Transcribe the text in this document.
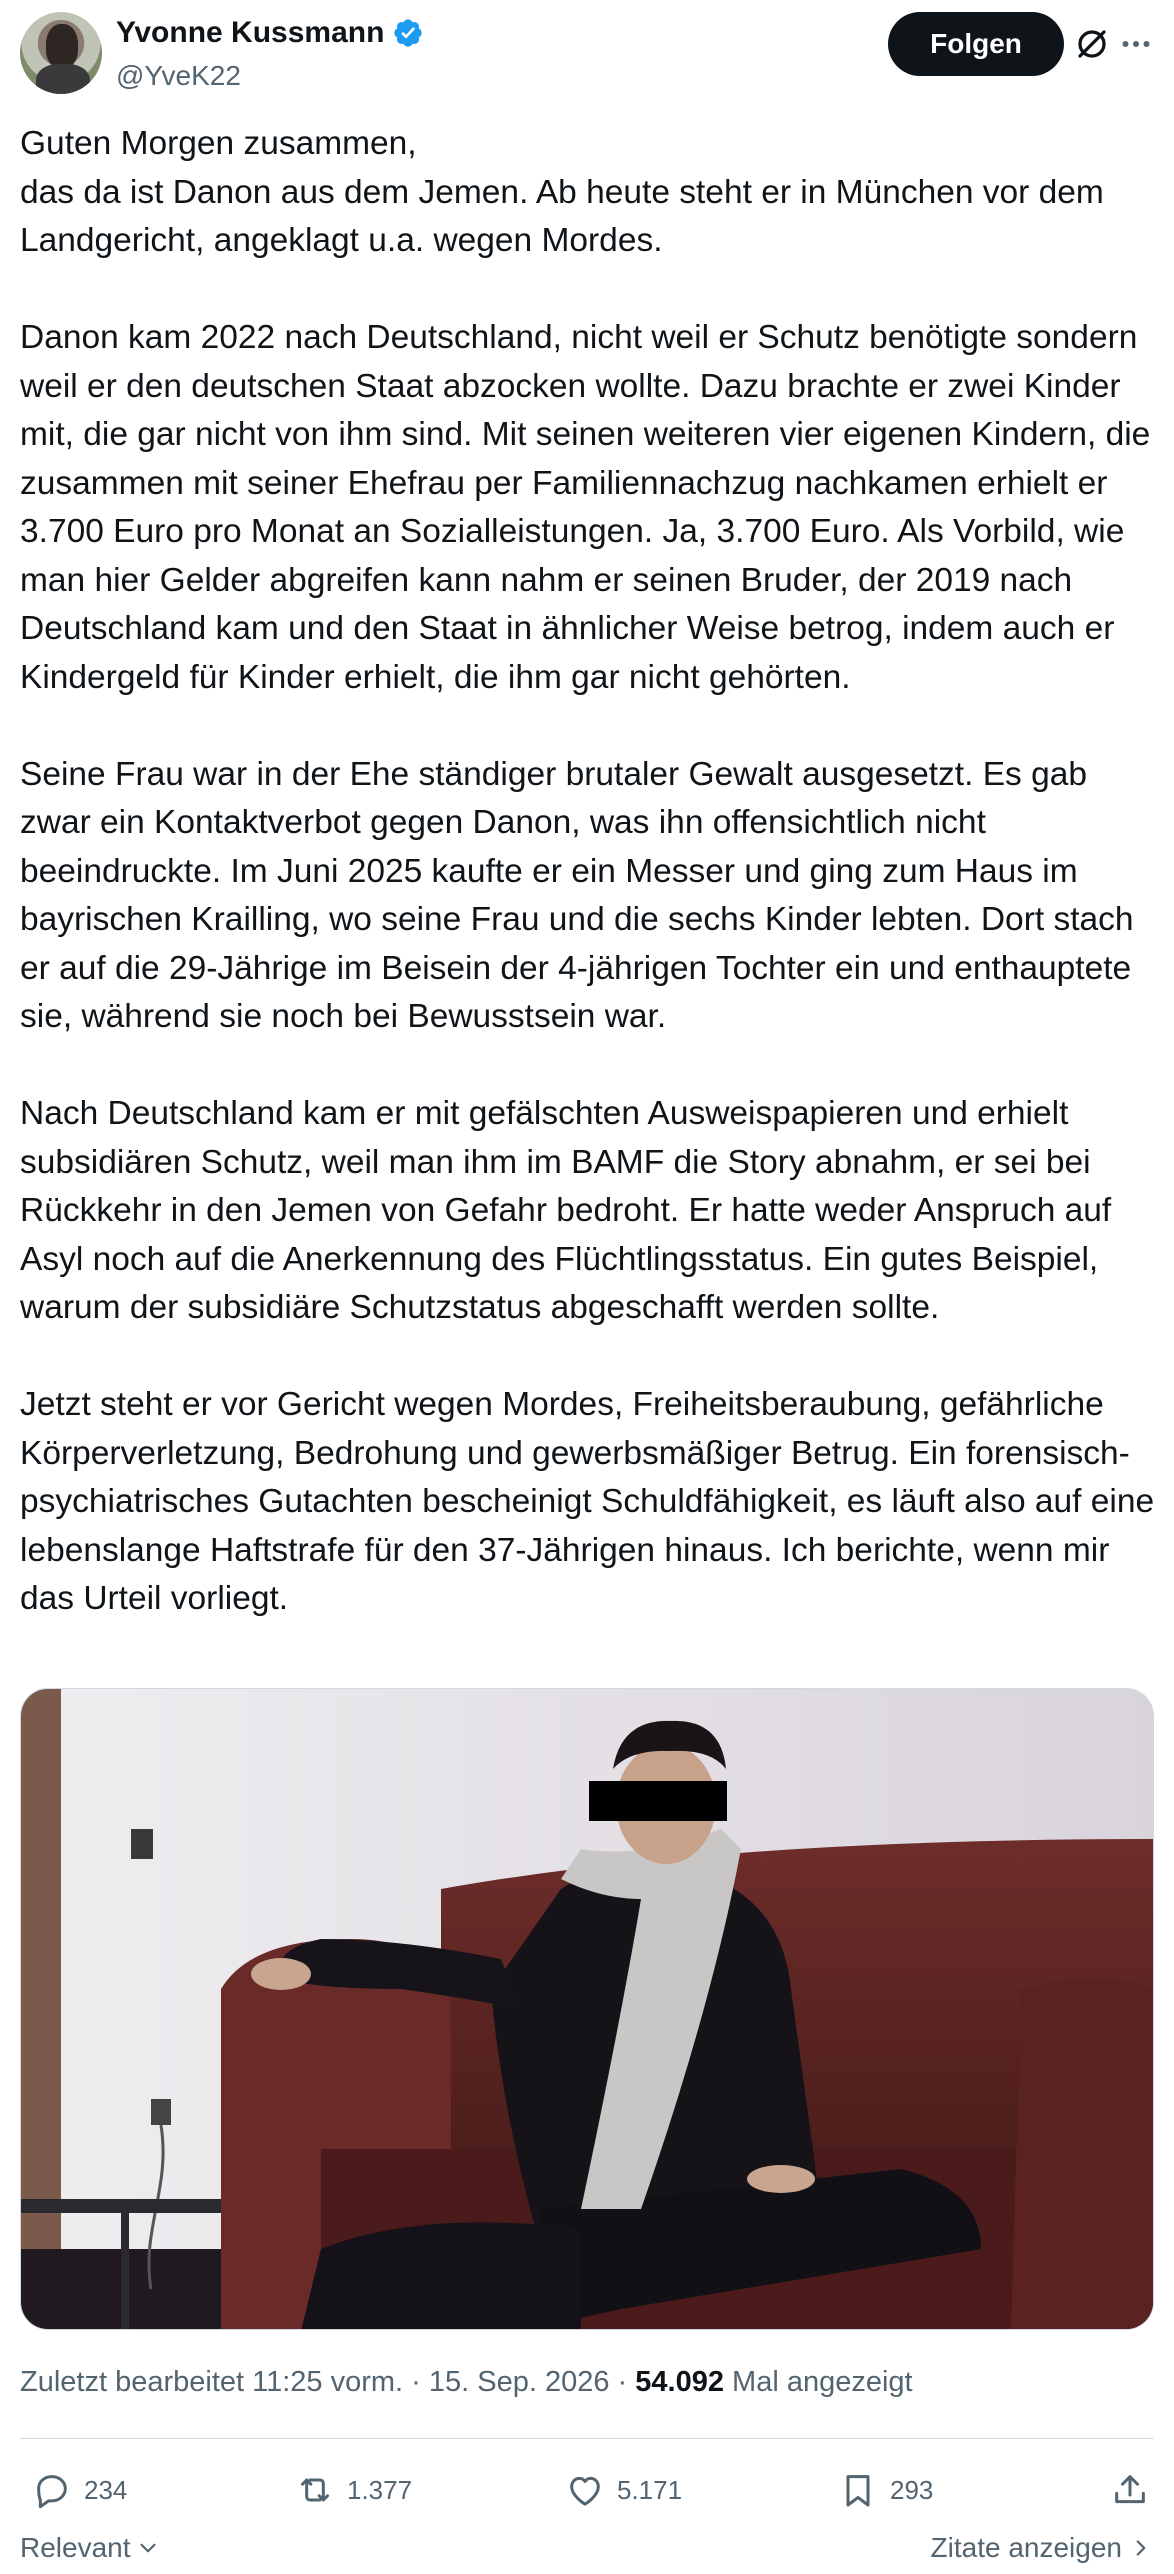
Yvonne Kussmann
@YveK22
Folgen

Guten Morgen zusammen,
das da ist Danon aus dem Jemen. Ab heute steht er in München vor dem Landgericht, angeklagt u.a. wegen Mordes.

Danon kam 2022 nach Deutschland, nicht weil er Schutz benötigte sondern weil er den deutschen Staat abzocken wollte. Dazu brachte er zwei Kinder mit, die gar nicht von ihm sind. Mit seinen weiteren vier eigenen Kindern, die zusammen mit seiner Ehefrau per Familiennachzug nachkamen erhielt er 3.700 Euro pro Monat an Sozialleistungen. Ja, 3.700 Euro. Als Vorbild, wie man hier Gelder abgreifen kann nahm er seinen Bruder, der 2019 nach Deutschland kam und den Staat in ähnlicher Weise betrog, indem auch er Kindergeld für Kinder erhielt, die ihm gar nicht gehörten.

Seine Frau war in der Ehe ständiger brutaler Gewalt ausgesetzt. Es gab zwar ein Kontaktverbot gegen Danon, was ihn offensichtlich nicht beeindruckte. Im Juni 2025 kaufte er ein Messer und ging zum Haus im bayrischen Krailling, wo seine Frau und die sechs Kinder lebten. Dort stach er auf die 29-Jährige im Beisein der 4-jährigen Tochter ein und enthauptete sie, während sie noch bei Bewusstsein war.

Nach Deutschland kam er mit gefälschten Ausweispapieren und erhielt subsidiären Schutz, weil man ihm im BAMF die Story abnahm, er sei bei Rückkehr in den Jemen von Gefahr bedroht. Er hatte weder Anspruch auf Asyl noch auf die Anerkennung des Flüchtlingsstatus. Ein gutes Beispiel, warum der subsidiäre Schutzstatus abgeschafft werden sollte.

Jetzt steht er vor Gericht wegen Mordes, Freiheitsberaubung, gefährliche Körperverletzung, Bedrohung und gewerbsmäßiger Betrug. Ein forensisch-psychiatrisches Gutachten bescheinigt Schuldfähigkeit, es läuft also auf eine lebenslange Haftstrafe für den 37-Jährigen hinaus. Ich berichte, wenn mir das Urteil vorliegt.

Zuletzt bearbeitet 11:25 vorm. · 15. Sep. 2026 · 54.092 Mal angezeigt
234	1.377	5.171	293
Relevant	Zitate anzeigen
